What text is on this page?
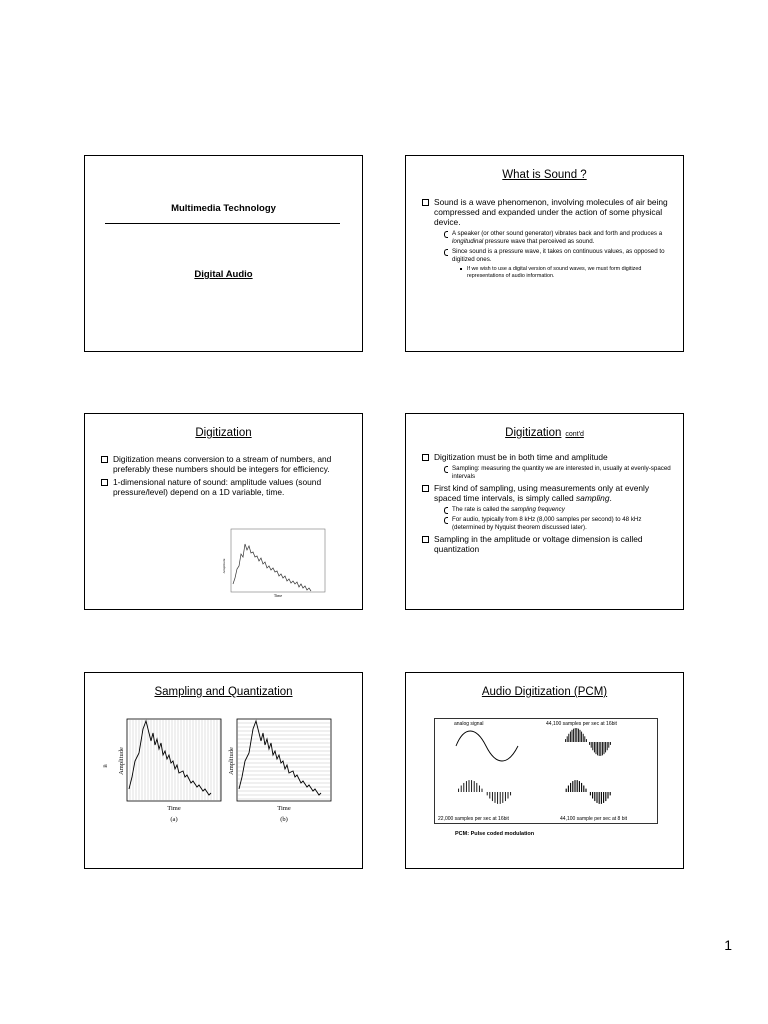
Multimedia Technology
Digital Audio
What is Sound ?
Sound is a wave phenomenon, involving molecules of air being compressed and expanded under the action of some physical device.
A speaker (or other sound generator) vibrates back and forth and produces a longitudinal pressure wave that perceived as sound.
Since sound is a pressure wave, it takes on continuous values, as opposed to digitized ones.
If we wish to use a digital version of sound waves, we must form digitized representations of audio information.
Digitization
Digitization means conversion to a stream of numbers, and preferably these numbers should be integers for efficiency.
1-dimensional nature of sound: amplitude values (sound pressure/level) depend on a 1D variable, time.
Amplitude
Time
Digitization cont'd
Digitization must be in both time and amplitude
Sampling: measuring the quantity we are interested in, usually at evenly-spaced intervals
First kind of sampling, using measurements only at evenly spaced time intervals, is simply called sampling.
The rate is called the sampling frequency
For audio, typically from 8 kHz (8,000 samples per second) to 48 kHz (determined by Nyquist theorem discussed later).
Sampling in the amplitude or voltage dimension is called quantization
Sampling and Quantization
B Amplitude
Time
(a)
Amplitude
Time
(b)
Audio Digitization (PCM)
analog signal	44,100 samples per sec at 16bit
22,000 samples per sec at 16bit	44,100 sample per sec at 8 bit
PCM: Pulse coded modulation
1
